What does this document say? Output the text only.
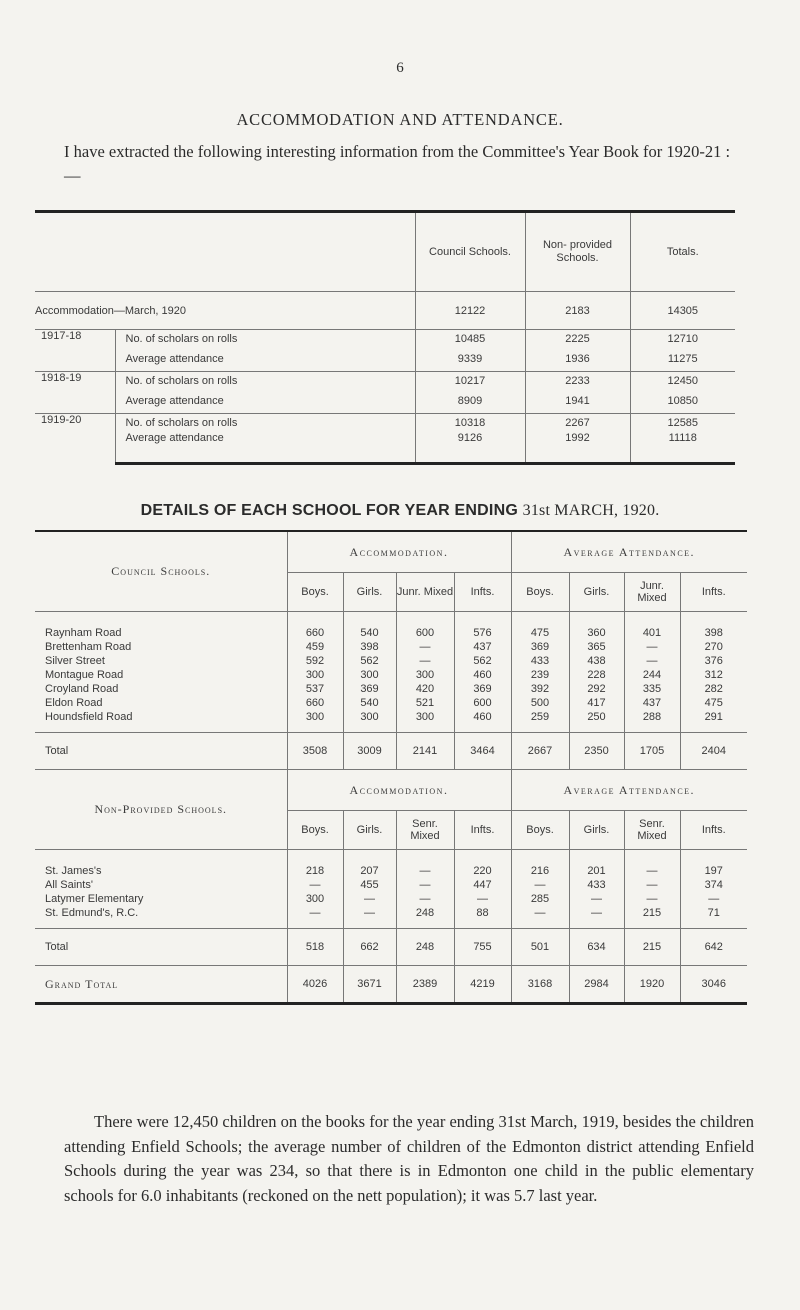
6
ACCOMMODATION AND ATTENDANCE.
I have extracted the following interesting information from the Committee's Year Book for 1920-21 :—

		Council Schools.	Non- provided Schools.	Totals.
Accommodation—March, 1920		12122	2183	14305
1917-18	No. of scholars on rolls	10485	2225	12710
	Average attendance	9339	1936	11275
1918-19	No. of scholars on rolls	10217	2233	12450
	Average attendance	8909	1941	10850
1919-20	No. of scholars on rolls	10318	2267	12585
	Average attendance	9126	1992	11118
DETAILS OF EACH SCHOOL FOR YEAR ENDING 31st MARCH, 1920.

Council Schools.	Accommodation.				Average Attendance.			
	Boys.	Girls.	Junr. Mixed	Infts.	Boys.	Girls.	Junr. Mixed	Infts.

Raynham Road	660	540	600	576	475	360	401	398
Brettenham Road	459	398	—	437	369	365	—	270
Silver Street	592	562	—	562	433	438	—	376
Montague Road	300	300	300	460	239	228	244	312
Croyland Road	537	369	420	369	392	292	335	282
Eldon Road	660	540	521	600	500	417	437	475
Houndsfield Road	300	300	300	460	259	250	288	291

Total	3508	3009	2141	3464	2667	2350	1705	2404
Non-Provided Schools.	Accommodation.				Average Attendance.			
	Boys.	Girls.	Senr. Mixed	Infts.	Boys.	Girls.	Senr. Mixed	Infts.

St. James's	218	207	—	220	216	201	—	197
All Saints'	—	455	—	447	—	433	—	374
Latymer Elementary	300	—	—	—	285	—	—	—
St. Edmund's, R.C.	—	—	248	88	—	—	215	71

Total	518	662	248	755	501	634	215	642
Grand Total	4026	3671	2389	4219	3168	2984	1920	3046
There were 12,450 children on the books for the year ending 31st March, 1919, besides the children attending Enfield Schools; the average number of children of the Edmonton district attending Enfield Schools during the year was 234, so that there is in Edmonton one child in the public elementary schools for 6.0 inhabitants (reckoned on the nett population); it was 5.7 last year.
